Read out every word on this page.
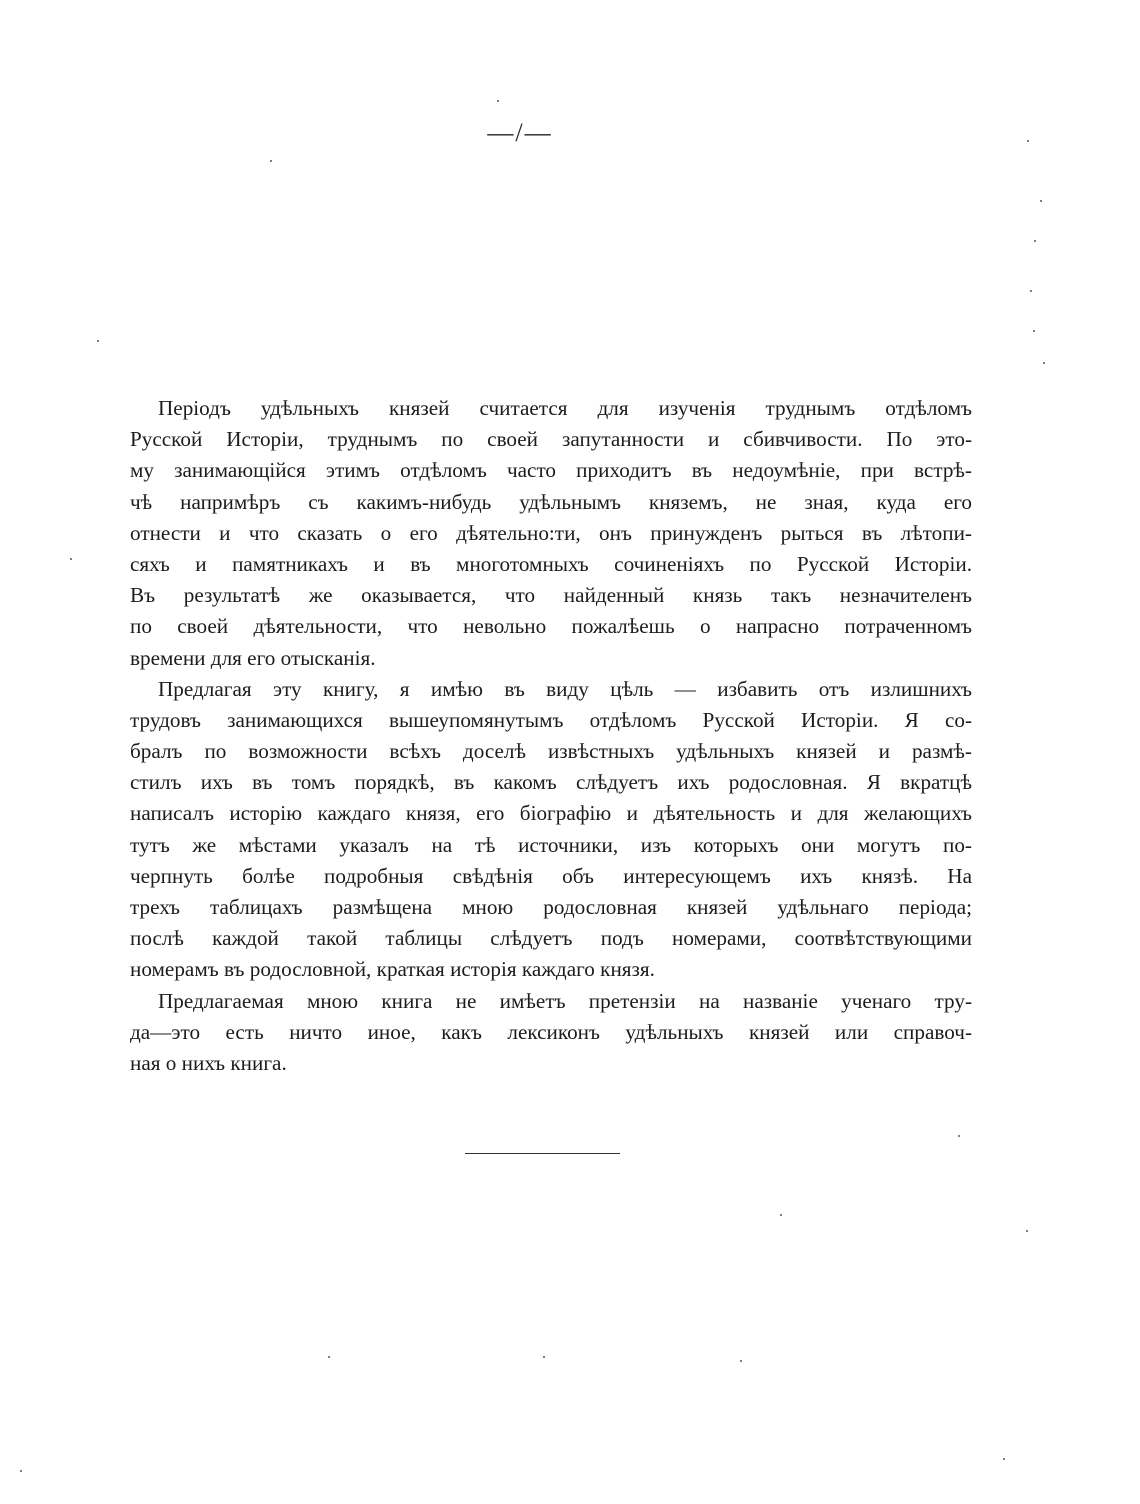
—/—
Періодъ удѣльныхъ князей считается для изученія труднымъ отдѣломъ
Русской Исторіи, труднымъ по своей запутанности и сбивчивости. По это-
му занимающійся этимъ отдѣломъ часто приходитъ въ недоумѣніе, при встрѣ-
чѣ напримѣръ съ какимъ-нибудь удѣльнымъ княземъ, не зная, куда его
отнести и что сказать о его дѣятельно:ти, онъ принужденъ рыться въ лѣтопи-
сяхъ и памятникахъ и въ многотомныхъ сочиненіяхъ по Русской Исторіи.
Въ результатѣ же оказывается, что найденный князь такъ незначителенъ
по своей дѣятельности, что невольно пожалѣешь о напрасно потраченномъ
времени для его отысканія.
Предлагая эту книгу, я имѣю въ виду цѣль — избавить отъ излишнихъ
трудовъ занимающихся вышеупомянутымъ отдѣломъ Русской Исторіи. Я со-
бралъ по возможности всѣхъ доселѣ извѣстныхъ удѣльныхъ князей и размѣ-
стилъ ихъ въ томъ порядкѣ, въ какомъ слѣдуетъ ихъ родословная. Я вкратцѣ
написалъ исторію каждаго князя, его біографію и дѣятельность и для желающихъ
тутъ же мѣстами указалъ на тѣ источники, изъ которыхъ они могутъ по-
черпнуть болѣе подробныя свѣдѣнія объ интересующемъ ихъ князѣ. На
трехъ таблицахъ размѣщена мною родословная князей удѣльнаго періода;
послѣ каждой такой таблицы слѣдуетъ подъ номерами, соотвѣтствующими
номерамъ въ родословной, краткая исторія каждаго князя.
Предлагаемая мною книга не имѣетъ претензіи на названіе ученаго тру-
да—это есть ничто иное, какъ лексиконъ удѣльныхъ князей или справоч-
ная о нихъ книга.
